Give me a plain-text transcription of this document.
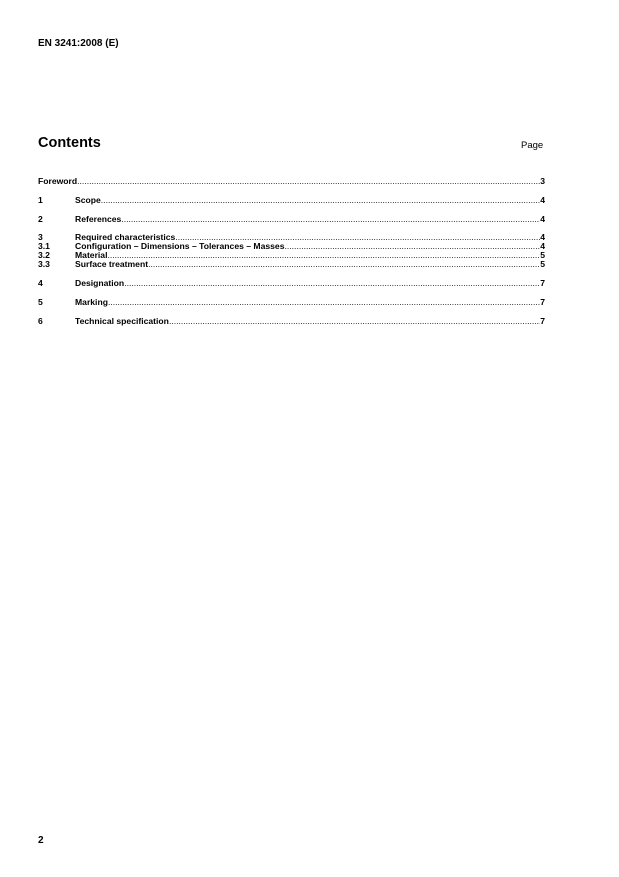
EN 3241:2008 (E)
Contents	Page
Foreword .....	3
1	Scope .....	4
2	References .....	4
3	Required characteristics .....	4
3.1	Configuration – Dimensions – Tolerances – Masses .....	4
3.2	Material .....	5
3.3	Surface treatment .....	5
4	Designation .....	7
5	Marking .....	7
6	Technical specification .....	7
2
